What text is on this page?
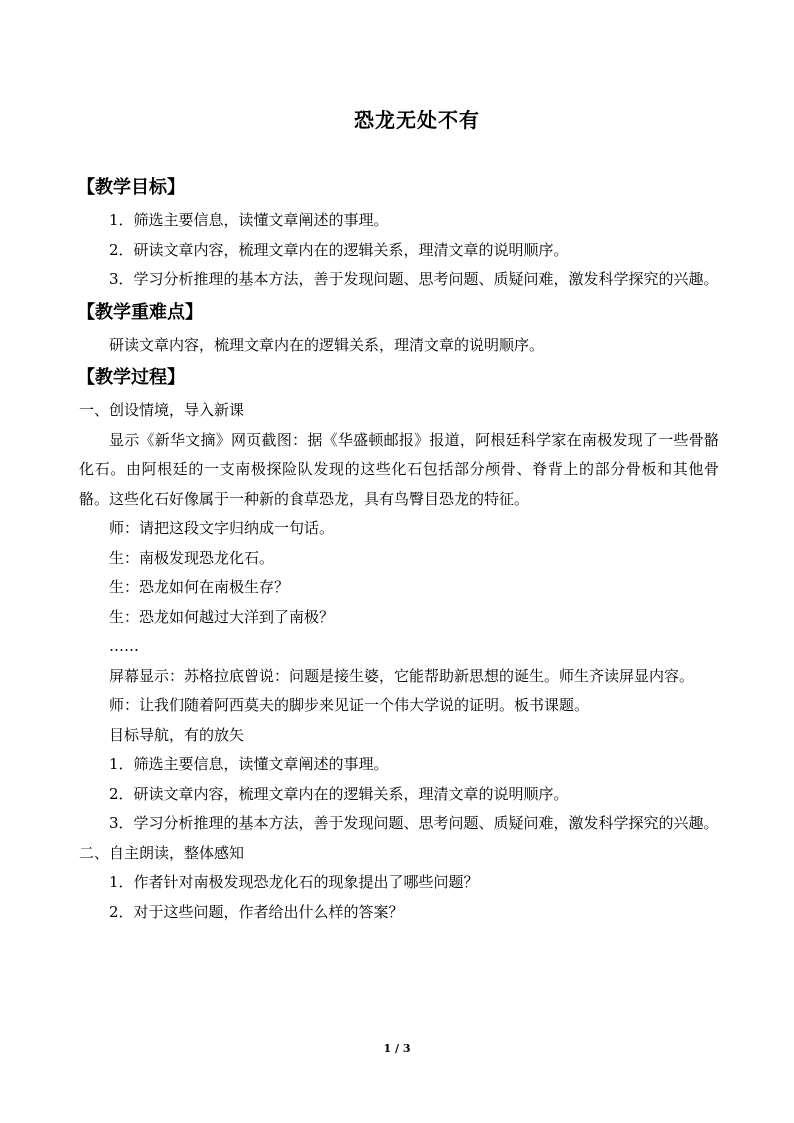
恐龙无处不有
【教学目标】
1．筛选主要信息，读懂文章阐述的事理。
2．研读文章内容，梳理文章内在的逻辑关系，理清文章的说明顺序。
3．学习分析推理的基本方法，善于发现问题、思考问题、质疑问难，激发科学探究的兴趣。
【教学重难点】
研读文章内容，梳理文章内在的逻辑关系，理清文章的说明顺序。
【教学过程】
一、创设情境，导入新课
显示《新华文摘》网页截图：据《华盛顿邮报》报道，阿根廷科学家在南极发现了一些骨骼化石。由阿根廷的一支南极探险队发现的这些化石包括部分颅骨、脊背上的部分骨板和其他骨骼。这些化石好像属于一种新的食草恐龙，具有鸟臀目恐龙的特征。
师：请把这段文字归纳成一句话。
生：南极发现恐龙化石。
生：恐龙如何在南极生存？
生：恐龙如何越过大洋到了南极？
……
屏幕显示：苏格拉底曾说：问题是接生婆，它能帮助新思想的诞生。师生齐读屏显内容。
师：让我们随着阿西莫夫的脚步来见证一个伟大学说的证明。板书课题。
目标导航，有的放矢
1．筛选主要信息，读懂文章阐述的事理。
2．研读文章内容，梳理文章内在的逻辑关系，理清文章的说明顺序。
3．学习分析推理的基本方法，善于发现问题、思考问题、质疑问难，激发科学探究的兴趣。
二、自主朗读，整体感知
1．作者针对南极发现恐龙化石的现象提出了哪些问题？
2．对于这些问题，作者给出什么样的答案？
1 / 3
